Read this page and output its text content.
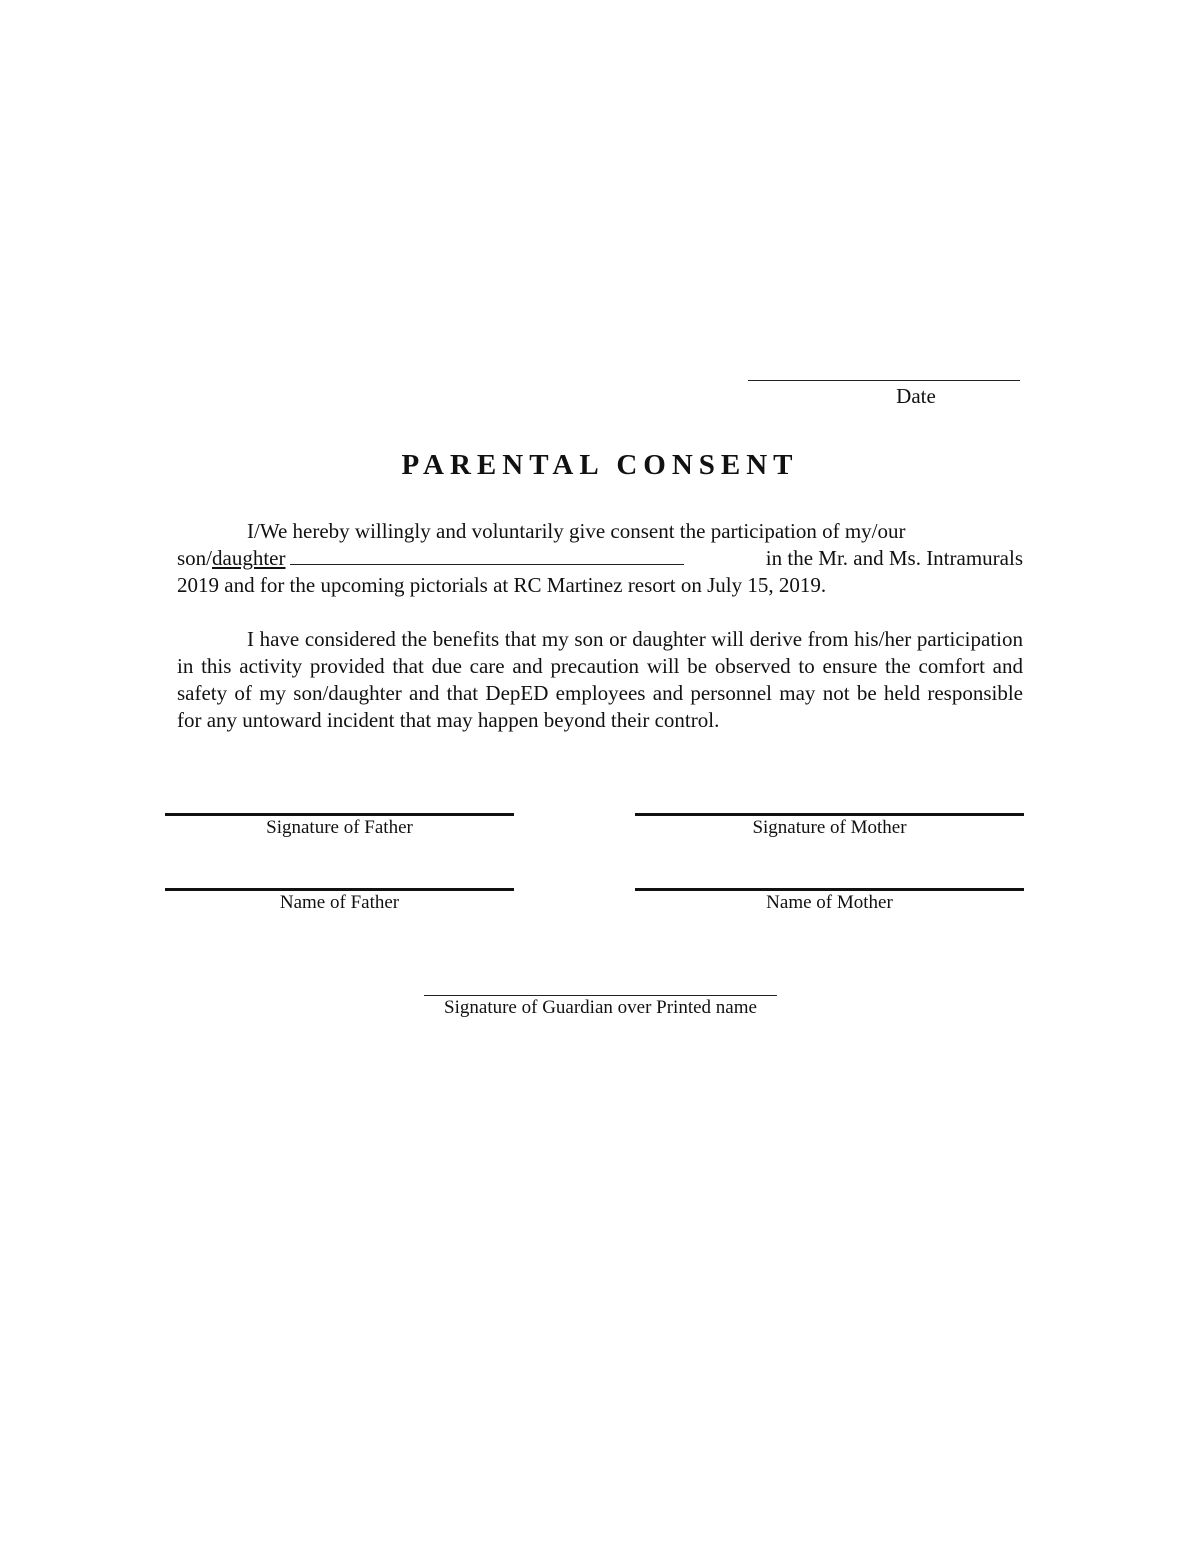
Date
PARENTAL CONSENT

I/We hereby willingly and voluntarily give consent the participation of my/our

son/daughter	in the Mr. and Ms. Intramurals

2019 and for the upcoming pictorials at RC Martinez resort on July 15, 2019.

I have considered the benefits that my son or daughter will derive from his/her participation in this activity provided that due care and precaution will be observed to ensure the comfort and safety of my son/daughter and that DepED employees and personnel may not be held responsible for any untoward incident that may happen beyond their control.

Signature of Father	Signature of Mother
Name of Father	Name of Mother
Signature of Guardian over Printed name
